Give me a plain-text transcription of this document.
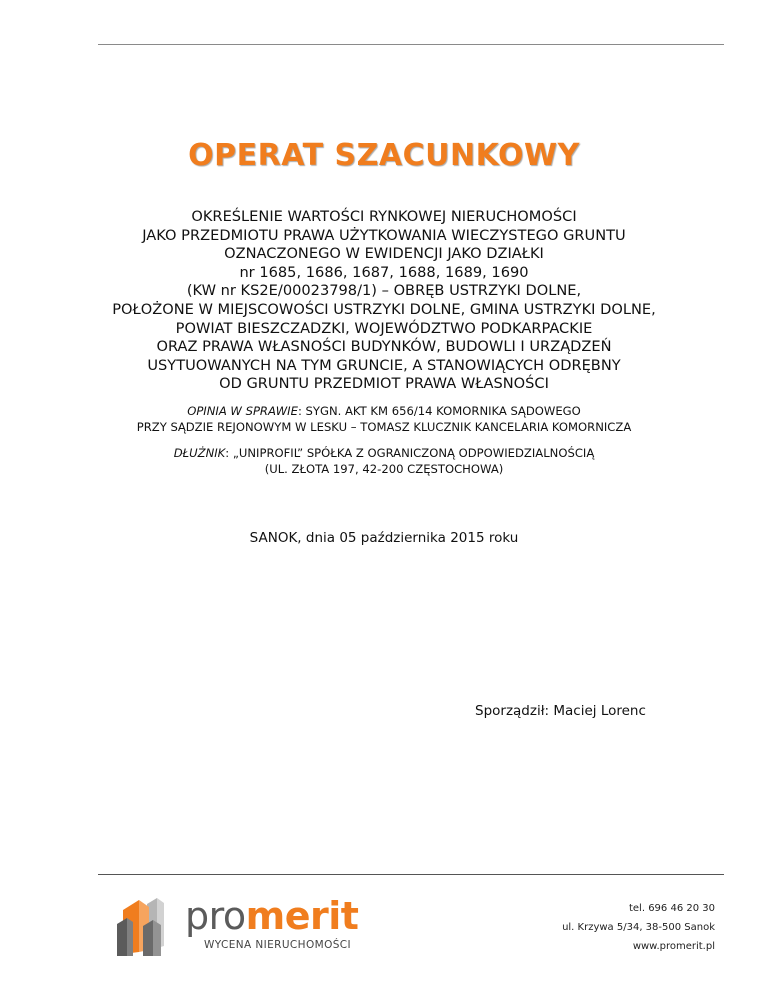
OPERAT SZACUNKOWY
OKREŚLENIE WARTOŚCI RYNKOWEJ NIERUCHOMOŚCI
JAKO PRZEDMIOTU PRAWA UŻYTKOWANIA WIECZYSTEGO GRUNTU
OZNACZONEGO W EWIDENCJI JAKO DZIAŁKI
nr 1685, 1686, 1687, 1688, 1689, 1690
(KW nr KS2E/00023798/1) – OBRĘB USTRZYKI DOLNE,
POŁOŻONE W MIEJSCOWOŚCI USTRZYKI DOLNE, GMINA USTRZYKI DOLNE,
POWIAT BIESZCZADZKI, WOJEWÓDZTWO PODKARPACKIE
ORAZ PRAWA WŁASNOŚCI BUDYNKÓW, BUDOWLI I URZĄDZEŃ
USYTUOWANYCH NA TYM GRUNCIE, A STANOWIĄCYCH ODRĘBNY
OD GRUNTU PRZEDMIOT PRAWA WŁASNOŚCI
OPINIA W SPRAWIE: SYGN. AKT KM 656/14 KOMORNIKA SĄDOWEGO
PRZY SĄDZIE REJONOWYM W LESKU – TOMASZ KLUCZNIK KANCELARIA KOMORNICZA
DŁUŻNIK: „UNIPROFIL” SPÓŁKA Z OGRANICZONĄ ODPOWIEDZIALNOŚCIĄ
(UL. ZŁOTA 197, 42-200 CZĘSTOCHOWA)
SANOK, dnia 05 października 2015 roku
Sporządził: Maciej Lorenc
promerit
WYCENA NIERUCHOMOŚCI
tel. 696 46 20 30
ul. Krzywa 5/34, 38-500 Sanok
www.promerit.pl
